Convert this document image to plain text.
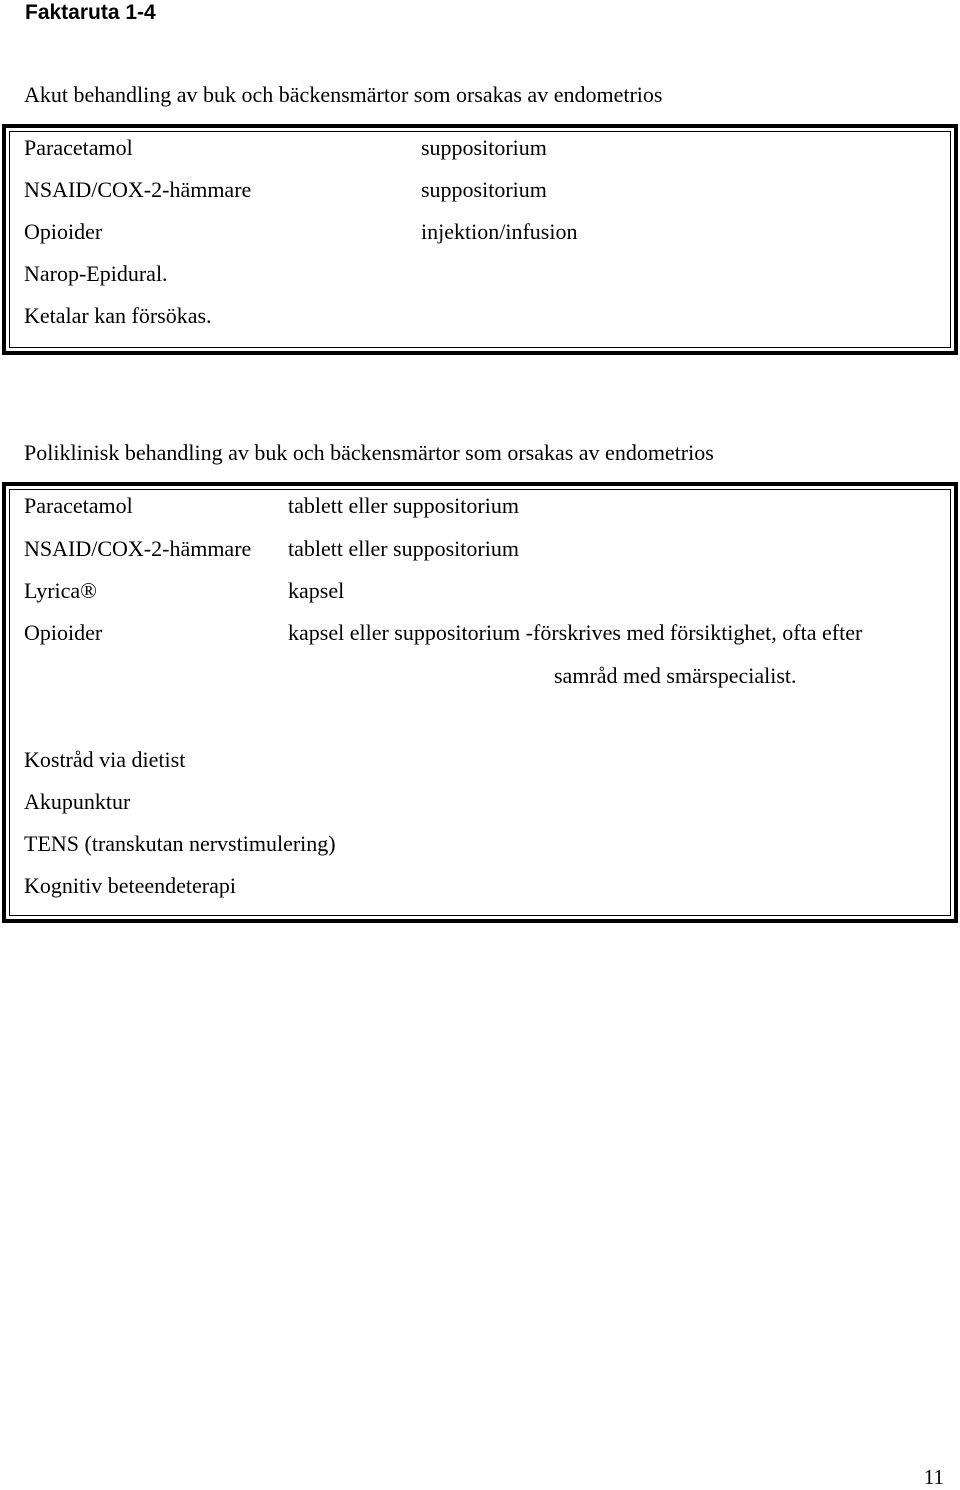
Faktaruta 1-4
Akut behandling av buk och bäckensmärtor som orsakas av endometrios
Paracetamol	suppositorium
NSAID/COX-2-hämmare	suppositorium
Opioider	injektion/infusion
Narop-Epidural.
Ketalar kan försökas.
Poliklinisk behandling av buk och bäckensmärtor som orsakas av endometrios
Paracetamol	tablett eller suppositorium
NSAID/COX-2-hämmare tablett eller suppositorium
Lyrica®	kapsel
Opioider	kapsel eller suppositorium -förskrives med försiktighet, ofta efter
samråd med smärspecialist.
Kostråd via dietist
Akupunktur
TENS (transkutan nervstimulering)
Kognitiv beteendeterapi
11
